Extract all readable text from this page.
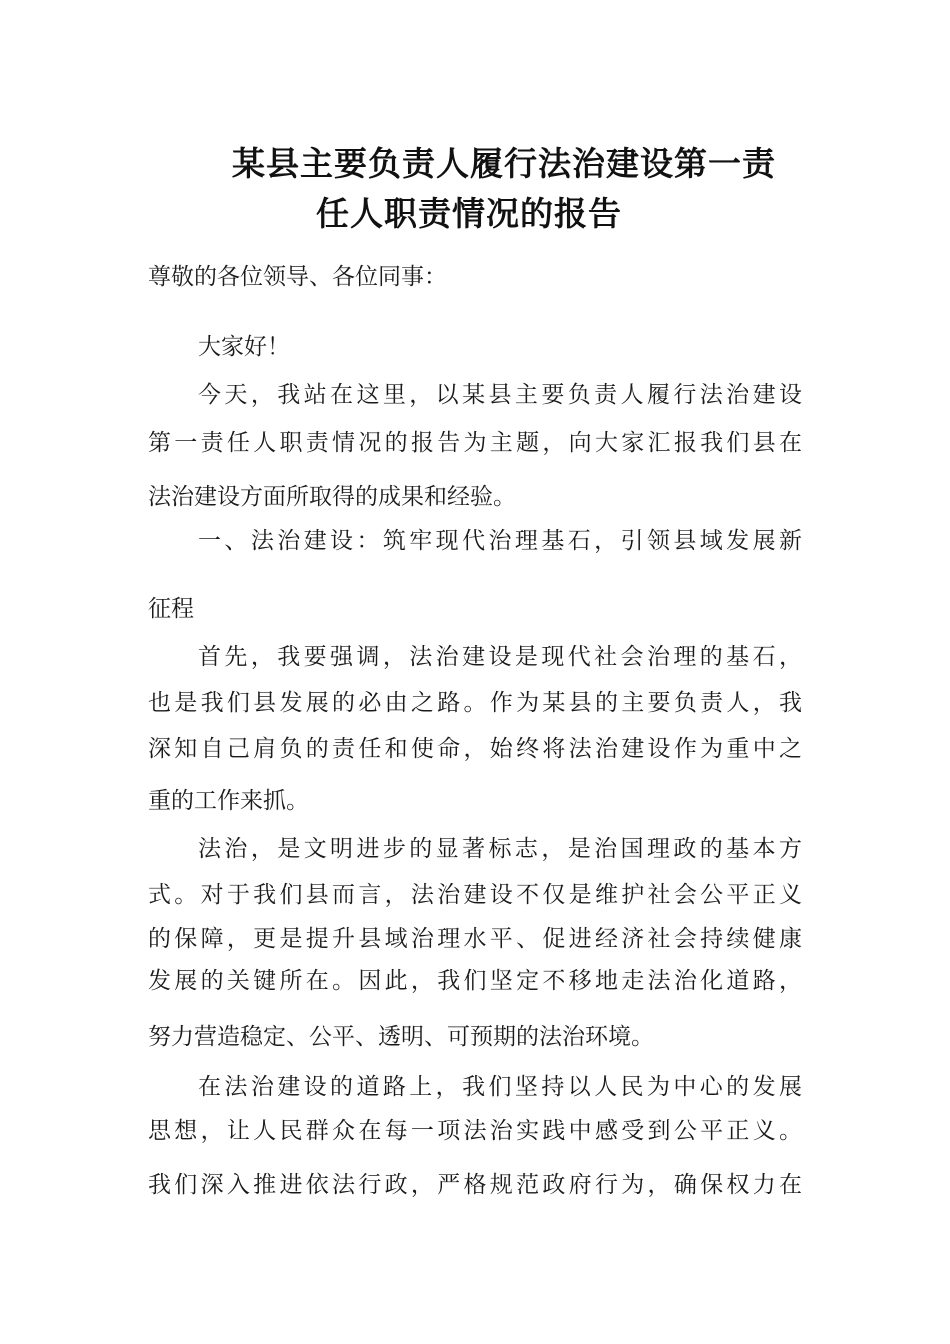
某县主要负责人履行法治建设第一责
任人职责情况的报告
尊敬的各位领导、各位同事：
大家好！
今天，我站在这里，以某县主要负责人履行法治建设
第一责任人职责情况的报告为主题，向大家汇报我们县在
法治建设方面所取得的成果和经验。
一、法治建设：筑牢现代治理基石，引领县域发展新
征程
首先，我要强调，法治建设是现代社会治理的基石，
也是我们县发展的必由之路。作为某县的主要负责人，我
深知自己肩负的责任和使命，始终将法治建设作为重中之
重的工作来抓。
法治，是文明进步的显著标志，是治国理政的基本方
式。对于我们县而言，法治建设不仅是维护社会公平正义
的保障，更是提升县域治理水平、促进经济社会持续健康
发展的关键所在。因此，我们坚定不移地走法治化道路，
努力营造稳定、公平、透明、可预期的法治环境。
在法治建设的道路上，我们坚持以人民为中心的发展
思想，让人民群众在每一项法治实践中感受到公平正义。
我们深入推进依法行政，严格规范政府行为，确保权力在
